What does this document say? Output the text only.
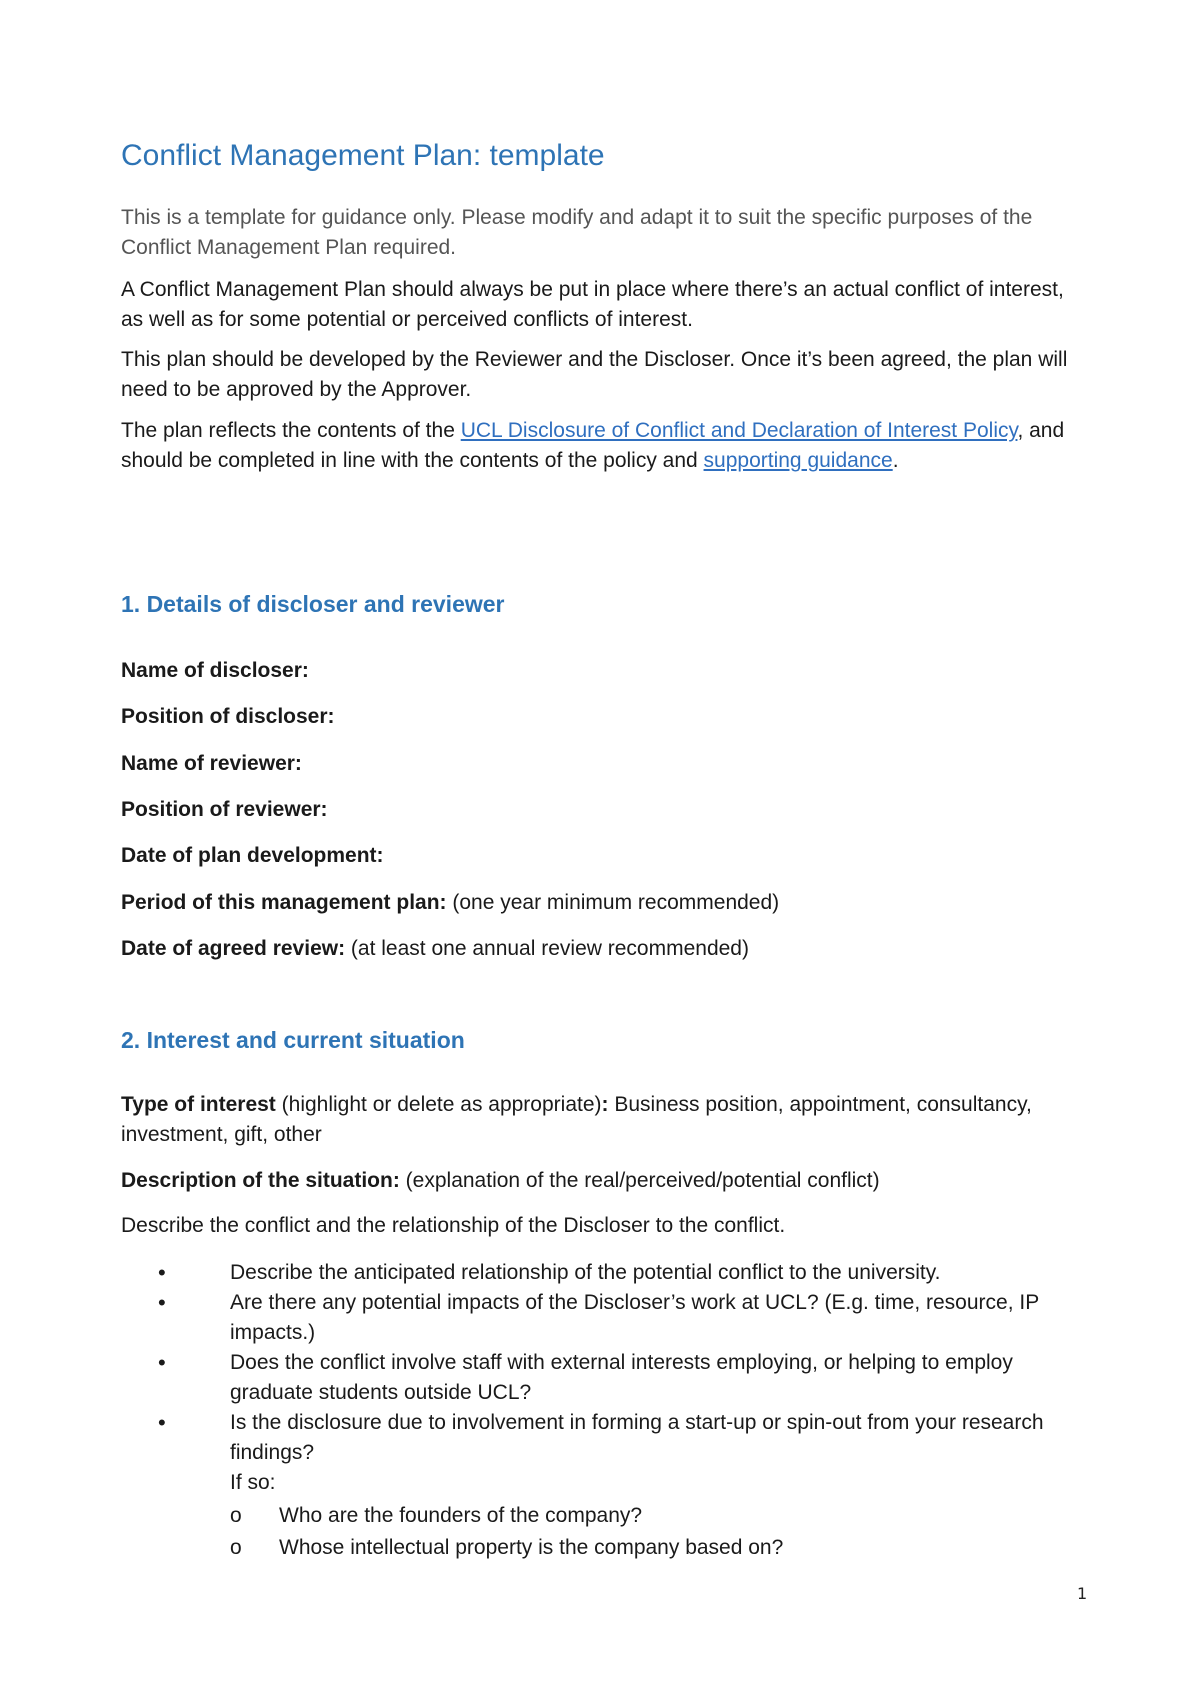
Conflict Management Plan: template

This is a template for guidance only. Please modify and adapt it to suit the specific purposes of the Conflict Management Plan required.

A Conflict Management Plan should always be put in place where there’s an actual conflict of interest, as well as for some potential or perceived conflicts of interest.

This plan should be developed by the Reviewer and the Discloser. Once it’s been agreed, the plan will need to be approved by the Approver.

The plan reflects the contents of the UCL Disclosure of Conflict and Declaration of Interest Policy, and should be completed in line with the contents of the policy and supporting guidance.

1. Details of discloser and reviewer
Name of discloser:
Position of discloser:
Name of reviewer:
Position of reviewer:
Date of plan development:
Period of this management plan: (one year minimum recommended)
Date of agreed review: (at least one annual review recommended)
2. Interest and current situation

Type of interest (highlight or delete as appropriate): Business position, appointment, consultancy, investment, gift, other

Description of the situation: (explanation of the real/perceived/potential conflict)

Describe the conflict and the relationship of the Discloser to the conflict.

•	Describe the anticipated relationship of the potential conflict to the university.
•	Are there any potential impacts of the Discloser’s work at UCL? (E.g. time, resource, IP impacts.)
•	Does the conflict involve staff with external interests employing, or helping to employ graduate students outside UCL?
•	Is the disclosure due to involvement in forming a start-up or spin-out from your research findings?
If so:
o Who are the founders of the company?
o Whose intellectual property is the company based on?
1
